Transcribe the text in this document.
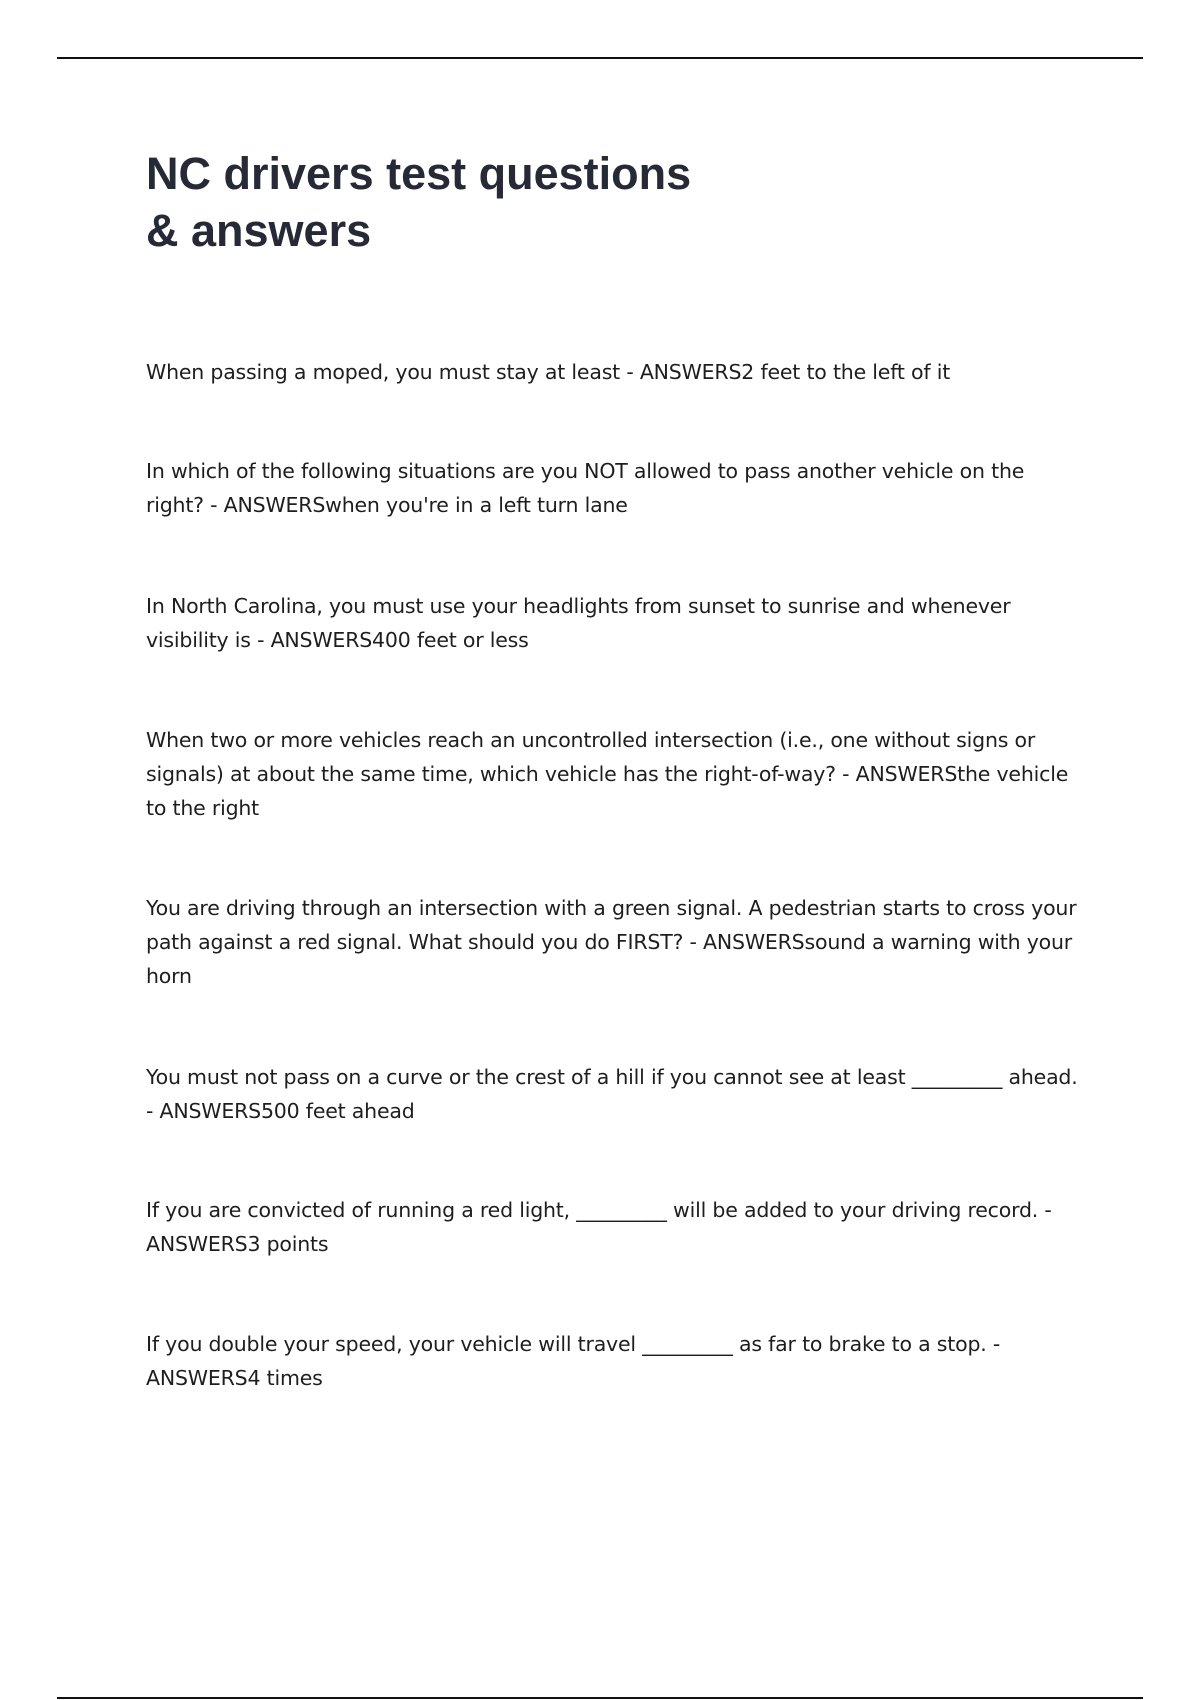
NC drivers test questions
& answers
When passing a moped, you must stay at least - ANSWERS2 feet to the left of it
In which of the following situations are you NOT allowed to pass another vehicle on the right? - ANSWERSwhen you're in a left turn lane
In North Carolina, you must use your headlights from sunset to sunrise and whenever visibility is - ANSWERS400 feet or less
When two or more vehicles reach an uncontrolled intersection (i.e., one without signs or signals) at about the same time, which vehicle has the right-of-way? - ANSWERSthe vehicle to the right
You are driving through an intersection with a green signal. A pedestrian starts to cross your path against a red signal. What should you do FIRST? - ANSWERSsound a warning with your horn
You must not pass on a curve or the crest of a hill if you cannot see at least _________ ahead. - ANSWERS500 feet ahead
If you are convicted of running a red light, _________ will be added to your driving record. - ANSWERS3 points
If you double your speed, your vehicle will travel _________ as far to brake to a stop. - ANSWERS4 times
